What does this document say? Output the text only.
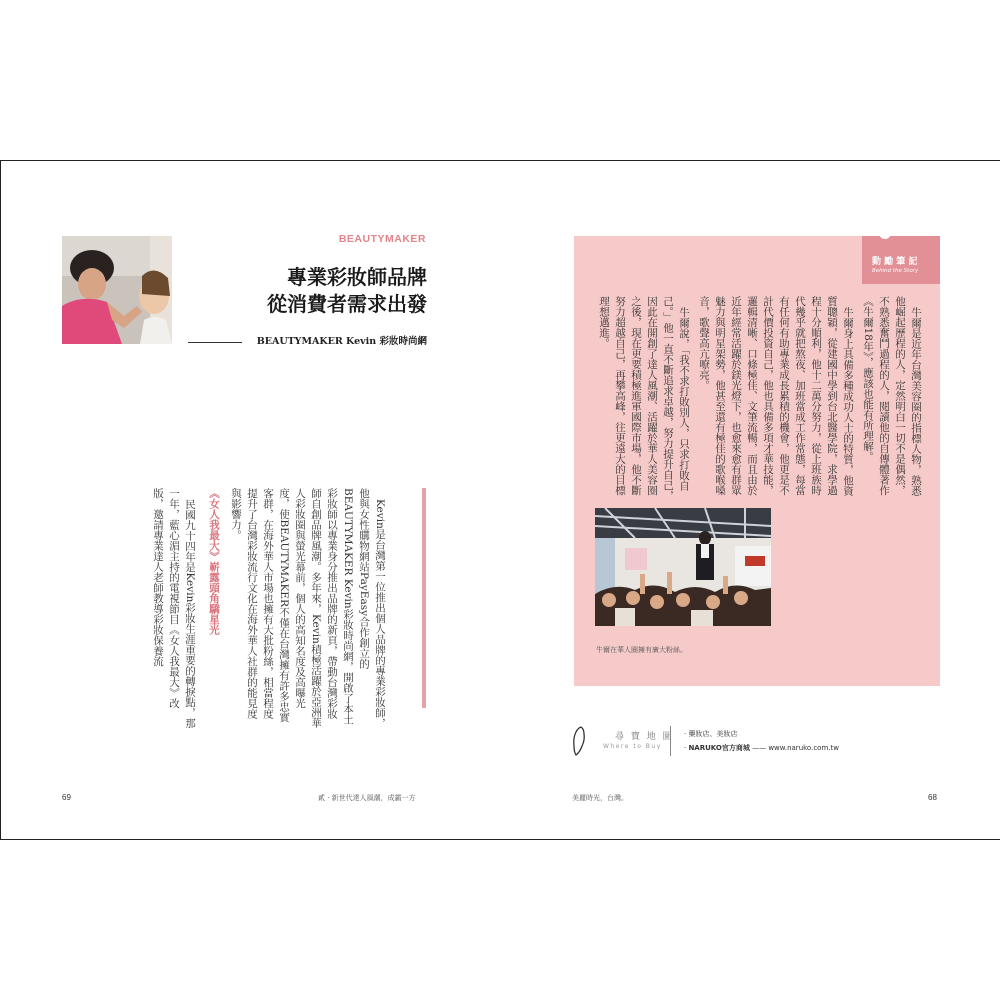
BEAUTYMAKER
專業彩妝師品牌
從消費者需求出發
BEAUTYMAKER Kevin 彩妝時尚網

Kevin是台灣第一位推出個人品牌的專業彩妝師，他與女性購物網站PayEasy合作創立的BEAUTYMAKER Kevin彩妝時尚網，開啟了本土彩妝師以專業身分推出品牌的新頁，帶動台灣彩妝師自創品牌風潮。多年來，Kevin積極活躍於亞洲華人彩妝圈與螢光幕前，個人的高知名度及高曝光度，使BEAUTYMAKER不僅在台灣擁有許多忠實客群，在海外華人市場也擁有大批粉絲，相當程度提升了台灣彩妝流行文化在海外華人社群的能見度與影響力。

《女人我最大》嶄露頭角驕星光

民國九十四年是Kevin彩妝生涯重要的轉捩點，那一年，藍心湄主持的電視節目《女人我最大》改版，邀請專業達人老師教導彩妝保養流

69	貳 · 新世代達人風潮，成霸一方
動 勵 筆 記
Behind the Story

牛爾是近年台灣美容圈的指標人物，熟悉他崛起歷程的人，定然明白一切不是偶然，不熟悉奮鬥過程的人，閱讀他的自傳體著作《牛爾18年》，應該也能有所理解。

牛爾身上具備多種成功人士的特質，他資質聰穎，從建國中學到台北醫學院，求學過程十分順利，他十二萬分努力，從上班族時代幾乎就把熬夜、加班當成工作常態，每當有任何有助專業成長累積的機會，他更是不計代價投資自己，他也具備多項才華技能，邏輯清晰、口條極佳、文筆流暢，而且由於近年經常活躍於鎂光燈下，也愈來愈有群眾魅力與明星架勢，他甚至還有極佳的歌喉嗓音，歌聲高亢嘹亮。

牛爾說，「我不求打敗別人，只求打敗自己。」他一直不斷追求卓越，努力提升自己，因此在開創了達人風潮、活躍於華人美容圈之後，現在更要積極進軍國際市場，他不斷努力超越自己，再攀高峰，往更遠大的目標理想邁進。

牛爾在華人圈擁有廣大粉絲。
尋 寶 地 圖
Where to Buy
· 藥妝店、美妝店
· NARUKO官方商城 —— www.naruko.com.tw
美麗時光，台灣。	68
